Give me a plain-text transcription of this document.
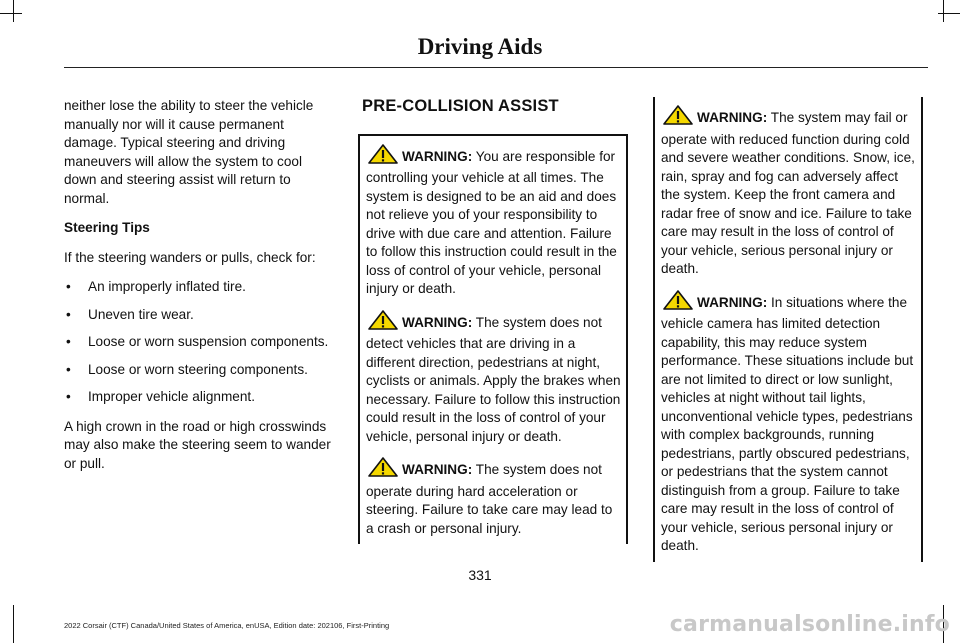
Driving Aids

neither lose the ability to steer the vehicle manually nor will it cause permanent damage. Typical steering and driving maneuvers will allow the system to cool down and steering assist will return to normal.

Steering Tips

If the steering wanders or pulls, check for:

• An improperly inflated tire.
• Uneven tire wear.
• Loose or worn suspension components.
• Loose or worn steering components.
• Improper vehicle alignment.

A high crown in the road or high crosswinds may also make the steering seem to wander or pull.

PRE-COLLISION ASSIST

WARNING: You are responsible for controlling your vehicle at all times. The system is designed to be an aid and does not relieve you of your responsibility to drive with due care and attention. Failure to follow this instruction could result in the loss of control of your vehicle, personal injury or death.

WARNING: The system does not detect vehicles that are driving in a different direction, pedestrians at night, cyclists or animals. Apply the brakes when necessary. Failure to follow this instruction could result in the loss of control of your vehicle, personal injury or death.

WARNING: The system does not operate during hard acceleration or steering. Failure to take care may lead to a crash or personal injury.

WARNING: The system may fail or operate with reduced function during cold and severe weather conditions. Snow, ice, rain, spray and fog can adversely affect the system. Keep the front camera and radar free of snow and ice. Failure to take care may result in the loss of control of your vehicle, serious personal injury or death.

WARNING: In situations where the vehicle camera has limited detection capability, this may reduce system performance. These situations include but are not limited to direct or low sunlight, vehicles at night without tail lights, unconventional vehicle types, pedestrians with complex backgrounds, running pedestrians, partly obscured pedestrians, or pedestrians that the system cannot distinguish from a group. Failure to take care may result in the loss of control of your vehicle, serious personal injury or death.

331
2022 Corsair (CTF) Canada/United States of America, enUSA, Edition date: 202106, First-Printing	carmanualsonline.info
